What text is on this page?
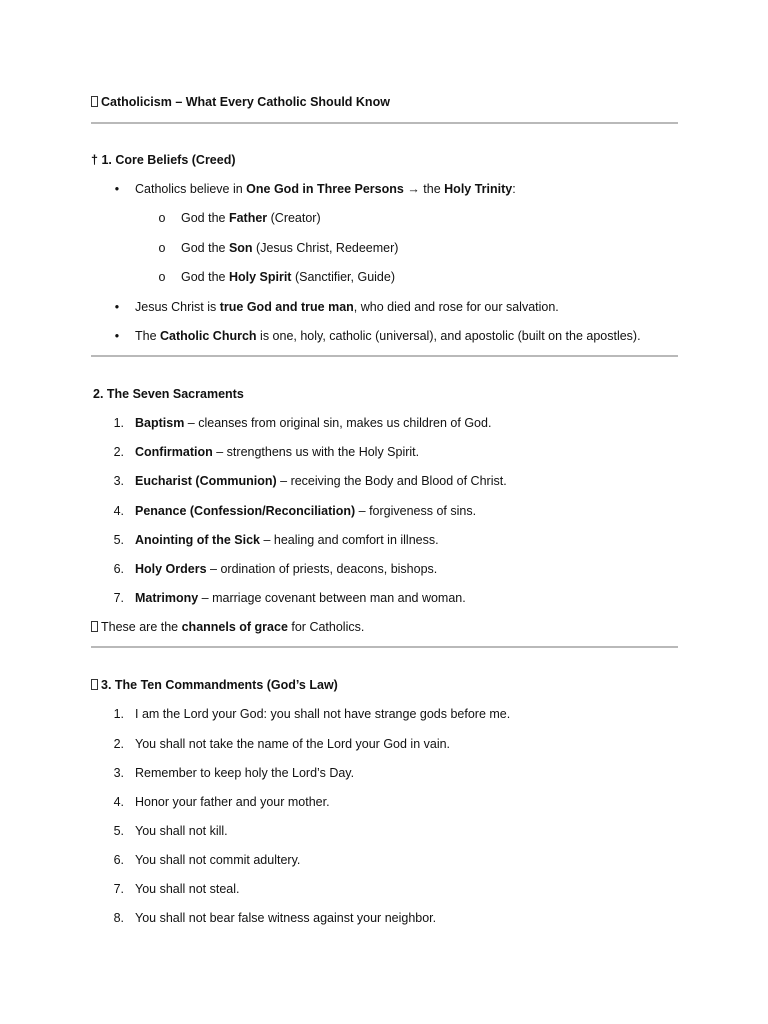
Catholicism – What Every Catholic Should Know
† 1. Core Beliefs (Creed)
•	Catholics believe in One God in Three Persons → the Holy Trinity:
o God the Father (Creator)
o God the Son (Jesus Christ, Redeemer)
o God the Holy Spirit (Sanctifier, Guide)
•	Jesus Christ is true God and true man, who died and rose for our salvation.
•	The Catholic Church is one, holy, catholic (universal), and apostolic (built on the apostles).
2. The Seven Sacraments
1. Baptism – cleanses from original sin, makes us children of God.
2. Confirmation – strengthens us with the Holy Spirit.
3. Eucharist (Communion) – receiving the Body and Blood of Christ.
4. Penance (Confession/Reconciliation) – forgiveness of sins.
5. Anointing of the Sick – healing and comfort in illness.
6. Holy Orders – ordination of priests, deacons, bishops.
7. Matrimony – marriage covenant between man and woman.
These are the channels of grace for Catholics.
3. The Ten Commandments (God’s Law)
1. I am the Lord your God: you shall not have strange gods before me.
2. You shall not take the name of the Lord your God in vain.
3. Remember to keep holy the Lord’s Day.
4. Honor your father and your mother.
5. You shall not kill.
6. You shall not commit adultery.
7. You shall not steal.
8. You shall not bear false witness against your neighbor.
